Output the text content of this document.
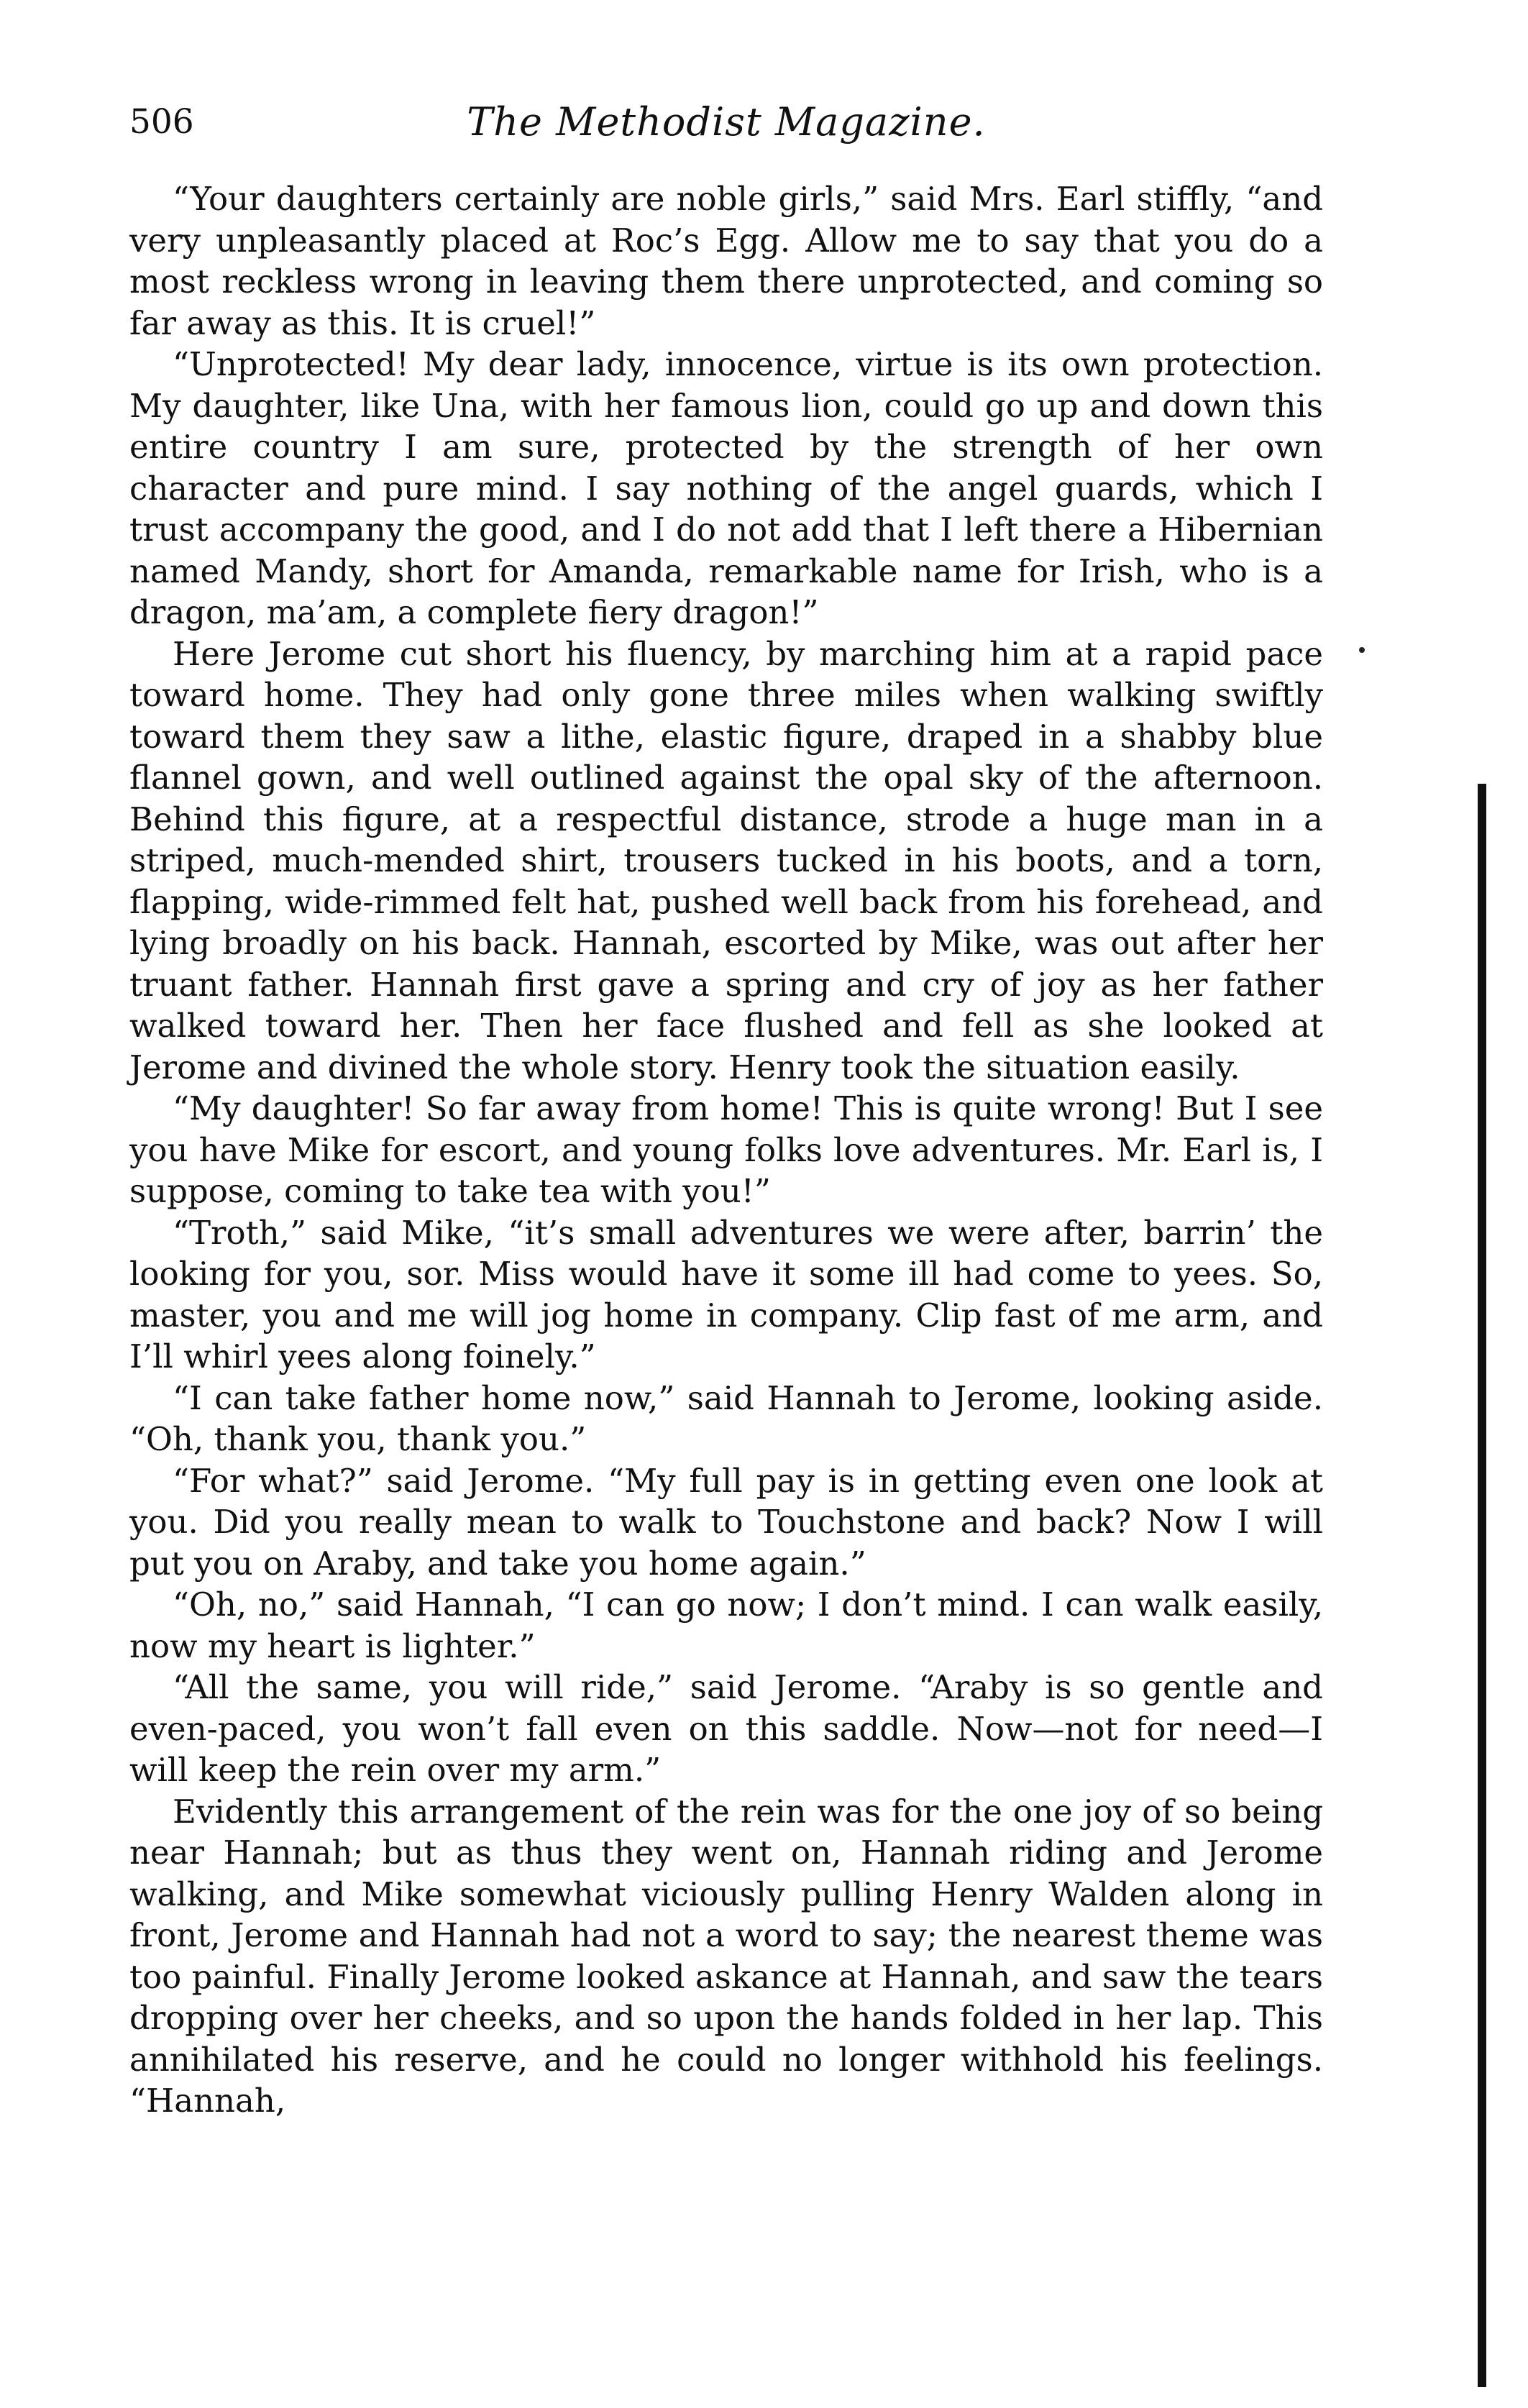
506	The Methodist Magazine.

“Your daughters certainly are noble girls,” said Mrs. Earl stiffly, “and very unpleasantly placed at Roc’s Egg. Allow me to say that you do a most reckless wrong in leaving them there unprotected, and coming so far away as this. It is cruel!”

“Unprotected! My dear lady, innocence, virtue is its own protection. My daughter, like Una, with her famous lion, could go up and down this entire country I am sure, protected by the strength of her own character and pure mind. I say nothing of the angel guards, which I trust accompany the good, and I do not add that I left there a Hibernian named Mandy, short for Amanda, remarkable name for Irish, who is a dragon, ma’am, a complete fiery dragon!”

Here Jerome cut short his fluency, by marching him at a rapid pace toward home. They had only gone three miles when walking swiftly toward them they saw a lithe, elastic figure, draped in a shabby blue flannel gown, and well outlined against the opal sky of the afternoon. Behind this figure, at a respectful distance, strode a huge man in a striped, much-mended shirt, trousers tucked in his boots, and a torn, flapping, wide-rimmed felt hat, pushed well back from his forehead, and lying broadly on his back. Hannah, escorted by Mike, was out after her truant father. Hannah first gave a spring and cry of joy as her father walked toward her. Then her face flushed and fell as she looked at Jerome and divined the whole story. Henry took the situation easily.

“My daughter! So far away from home! This is quite wrong! But I see you have Mike for escort, and young folks love adventures. Mr. Earl is, I suppose, coming to take tea with you!”

“Troth,” said Mike, “it’s small adventures we were after, barrin’ the looking for you, sor. Miss would have it some ill had come to yees. So, master, you and me will jog home in company. Clip fast of me arm, and I’ll whirl yees along foinely.”

“I can take father home now,” said Hannah to Jerome, looking aside. “Oh, thank you, thank you.”

“For what?” said Jerome. “My full pay is in getting even one look at you. Did you really mean to walk to Touchstone and back? Now I will put you on Araby, and take you home again.”

“Oh, no,” said Hannah, “I can go now; I don’t mind. I can walk easily, now my heart is lighter.”

“All the same, you will ride,” said Jerome. “Araby is so gentle and even-paced, you won’t fall even on this saddle. Now—not for need—I will keep the rein over my arm.”

Evidently this arrangement of the rein was for the one joy of so being near Hannah; but as thus they went on, Hannah riding and Jerome walking, and Mike somewhat viciously pulling Henry Walden along in front, Jerome and Hannah had not a word to say; the nearest theme was too painful. Finally Jerome looked askance at Hannah, and saw the tears dropping over her cheeks, and so upon the hands folded in her lap. This annihilated his reserve, and he could no longer withhold his feelings. “Hannah,
